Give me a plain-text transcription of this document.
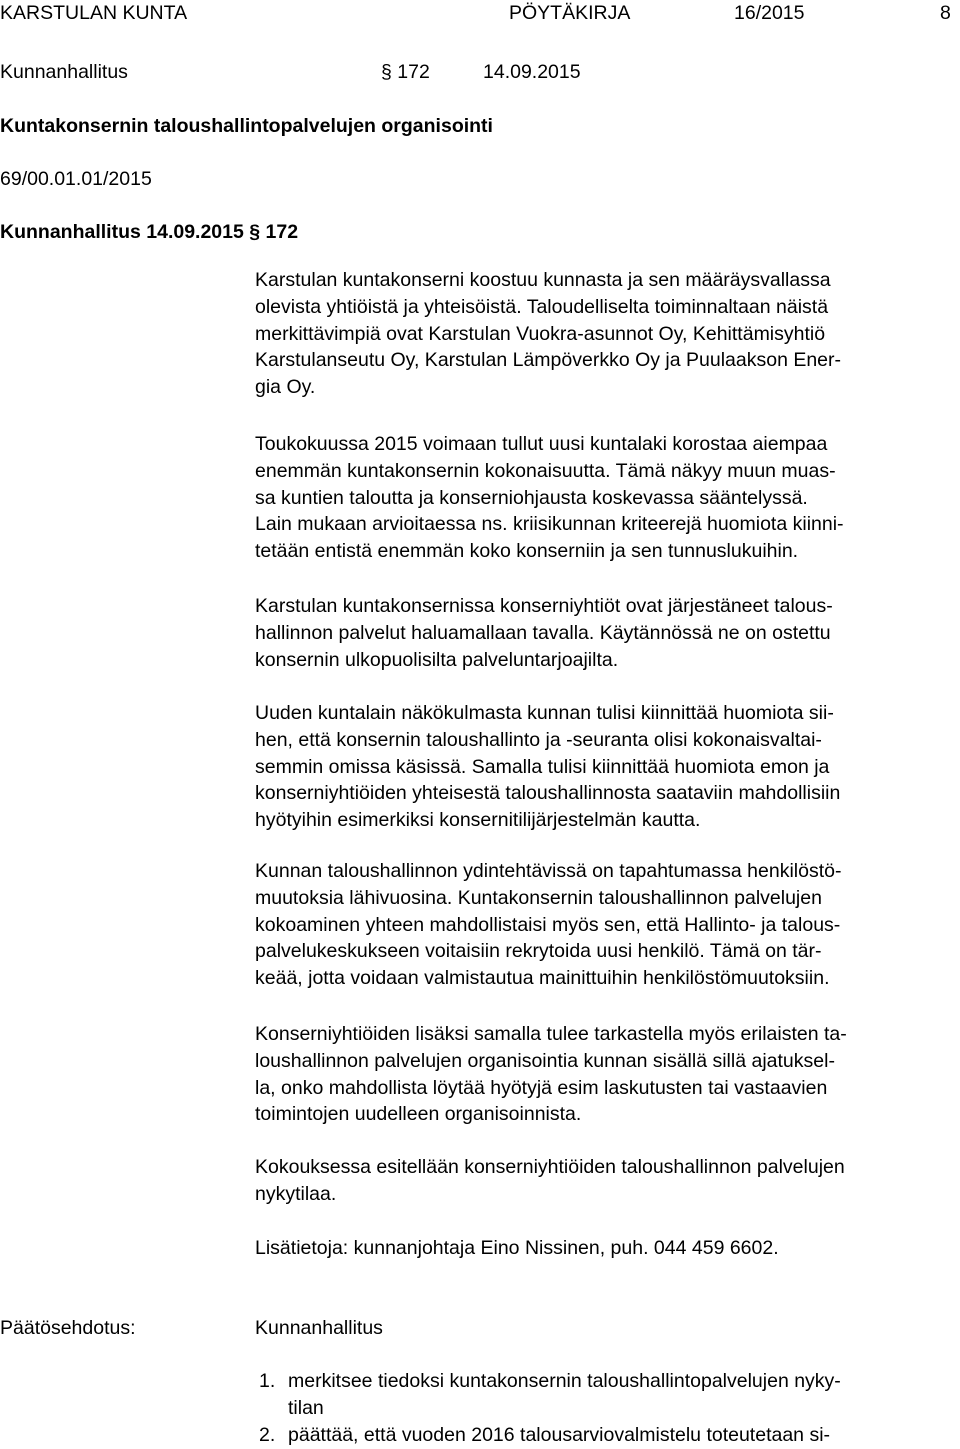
KARSTULAN KUNTA	PÖYTÄKIRJA	16/2015	8
Kunnanhallitus	§ 172	14.09.2015
Kuntakonsernin taloushallintopalvelujen organisointi
69/00.01.01/2015
Kunnanhallitus 14.09.2015 § 172
Karstulan kuntakonserni koostuu kunnasta ja sen määräysvallassa
olevista yhtiöistä ja yhteisöistä. Taloudelliselta toiminnaltaan näistä
merkittävimpiä ovat Karstulan Vuokra-asunnot Oy, Kehittämisyhtiö
Karstulanseutu Oy, Karstulan Lämpöverkko Oy ja Puulaakson Ener-
gia Oy.
Toukokuussa 2015 voimaan tullut uusi kuntalaki korostaa aiempaa
enemmän kuntakonsernin kokonaisuutta. Tämä näkyy muun muas-
sa kuntien taloutta ja konserniohjausta koskevassa sääntelyssä.
Lain mukaan arvioitaessa ns. kriisikunnan kriteerejä huomiota kiinni-
tetään entistä enemmän koko konserniin ja sen tunnuslukuihin.
Karstulan kuntakonsernissa konserniyhtiöt ovat järjestäneet talous-
hallinnon palvelut haluamallaan tavalla. Käytännössä ne on ostettu
konsernin ulkopuolisilta palveluntarjoajilta.
Uuden kuntalain näkökulmasta kunnan tulisi kiinnittää huomiota sii-
hen, että konsernin taloushallinto ja -seuranta olisi kokonaisvaltai-
semmin omissa käsissä. Samalla tulisi kiinnittää huomiota emon ja
konserniyhtiöiden yhteisestä taloushallinnosta saataviin mahdollisiin
hyötyihin esimerkiksi konsernitilijärjestelmän kautta.
Kunnan taloushallinnon ydintehtävissä on tapahtumassa henkilöstö-
muutoksia lähivuosina. Kuntakonsernin taloushallinnon palvelujen
kokoaminen yhteen mahdollistaisi myös sen, että Hallinto- ja talous-
palvelukeskukseen voitaisiin rekrytoida uusi henkilö. Tämä on tär-
keää, jotta voidaan valmistautua mainittuihin henkilöstömuutoksiin.
Konserniyhtiöiden lisäksi samalla tulee tarkastella myös erilaisten ta-
loushallinnon palvelujen organisointia kunnan sisällä sillä ajatuksel-
la, onko mahdollista löytää hyötyjä esim laskutusten tai vastaavien
toimintojen uudelleen organisoinnista.
Kokouksessa esitellään konserniyhtiöiden taloushallinnon palvelujen
nykytilaa.
Lisätietoja: kunnanjohtaja Eino Nissinen, puh. 044 459 6602.
Päätösehdotus:	Kunnanhallitus
1. merkitsee tiedoksi kuntakonsernin taloushallintopalvelujen nyky-
tilan
2. päättää, että vuoden 2016 talousarviovalmistelu toteutetaan si-
